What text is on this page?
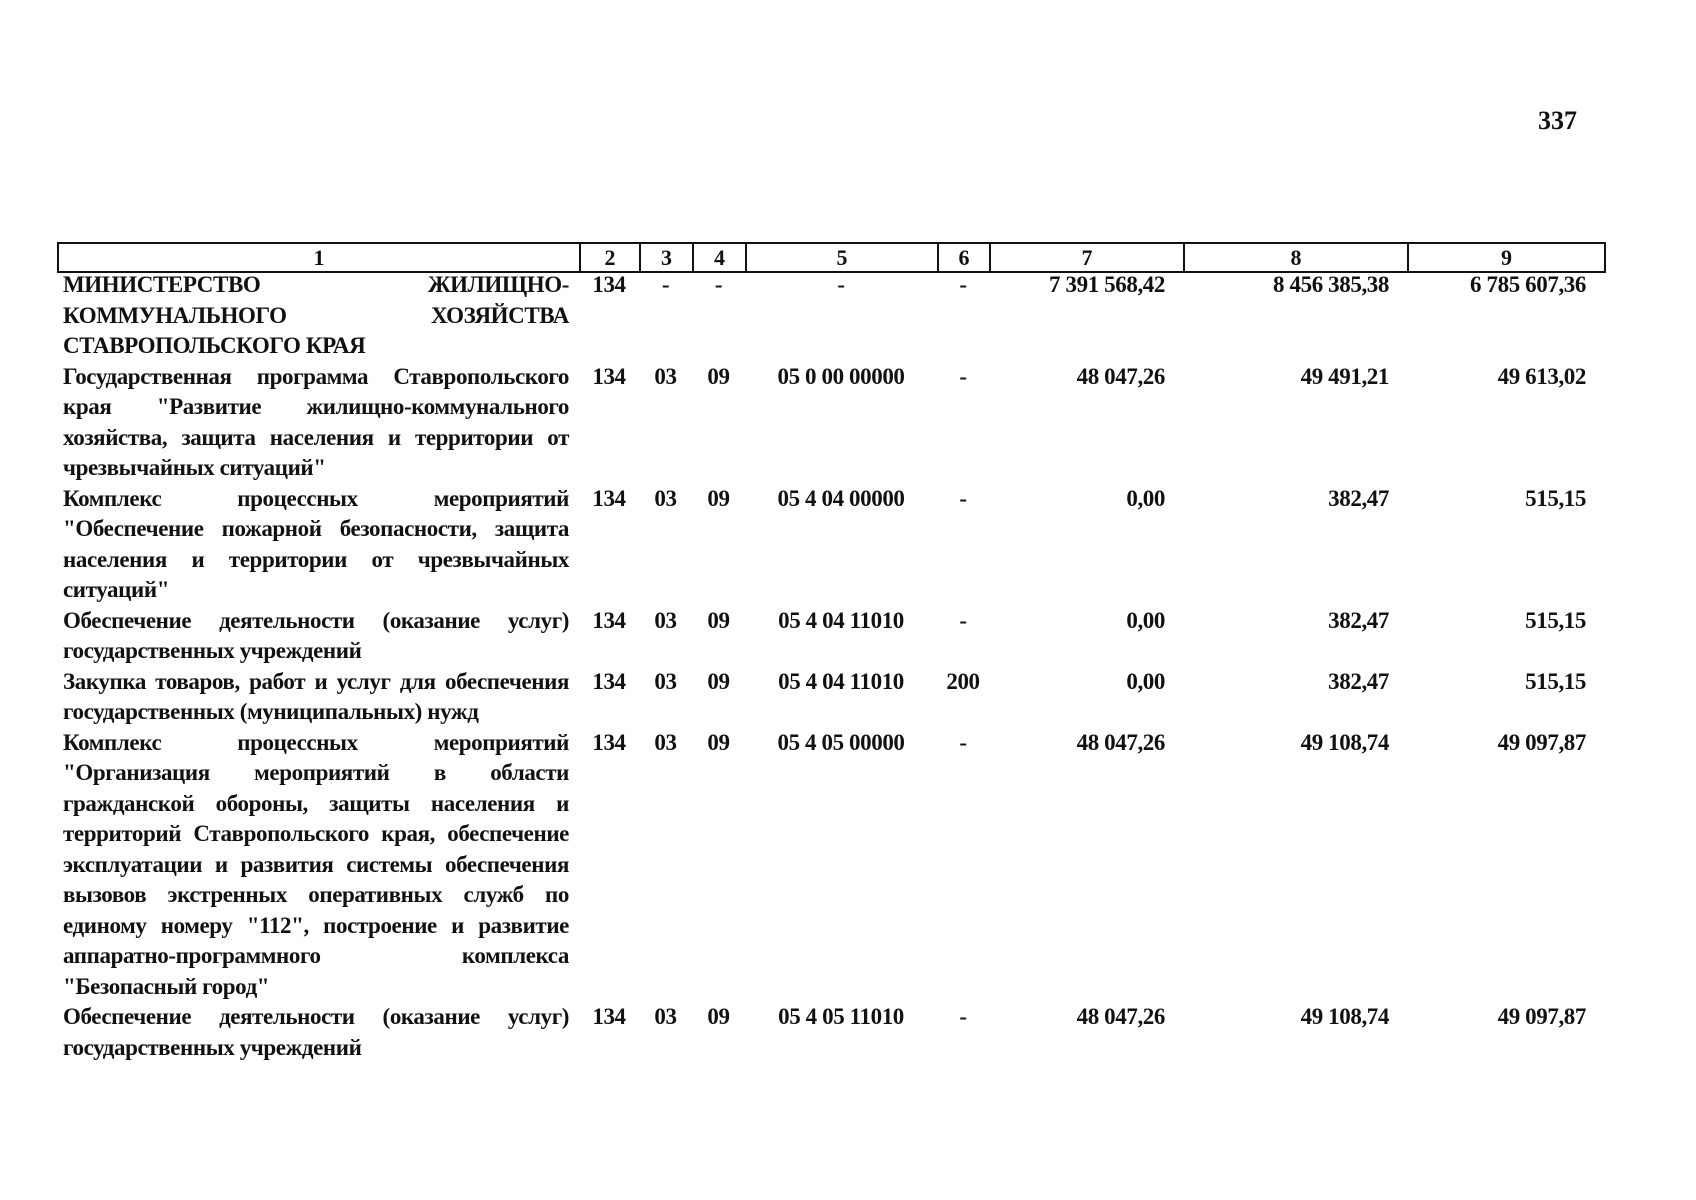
337
1	2	3	4	5	6	7	8	9
МИНИСТЕРСТВО ЖИЛИЩНО-КОММУНАЛЬНОГО ХОЗЯЙСТВА СТАВРОПОЛЬСКОГО КРАЯ	134	-	-	-	-	7 391 568,42	8 456 385,38	6 785 607,36
Государственная программа Ставропольского края "Развитие жилищно-коммунального хозяйства, защита населения и территории от чрезвычайных ситуаций"	134	03	09	05 0 00 00000	-	48 047,26	49 491,21	49 613,02
Комплекс процессных мероприятий "Обеспечение пожарной безопасности, защита населения и территории от чрезвычайных ситуаций"	134	03	09	05 4 04 00000	-	0,00	382,47	515,15
Обеспечение деятельности (оказание услуг) государственных учреждений	134	03	09	05 4 04 11010	-	0,00	382,47	515,15
Закупка товаров, работ и услуг для обеспечения государственных (муниципальных) нужд	134	03	09	05 4 04 11010	200	0,00	382,47	515,15
Комплекс процессных мероприятий "Организация мероприятий в области гражданской обороны, защиты населения и территорий Ставропольского края, обеспечение эксплуатации и развития системы обеспечения вызовов экстренных оперативных служб по единому номеру "112", построение и развитие аппаратно-программного комплекса "Безопасный город"	134	03	09	05 4 05 00000	-	48 047,26	49 108,74	49 097,87
Обеспечение деятельности (оказание услуг) государственных учреждений	134	03	09	05 4 05 11010	-	48 047,26	49 108,74	49 097,87
